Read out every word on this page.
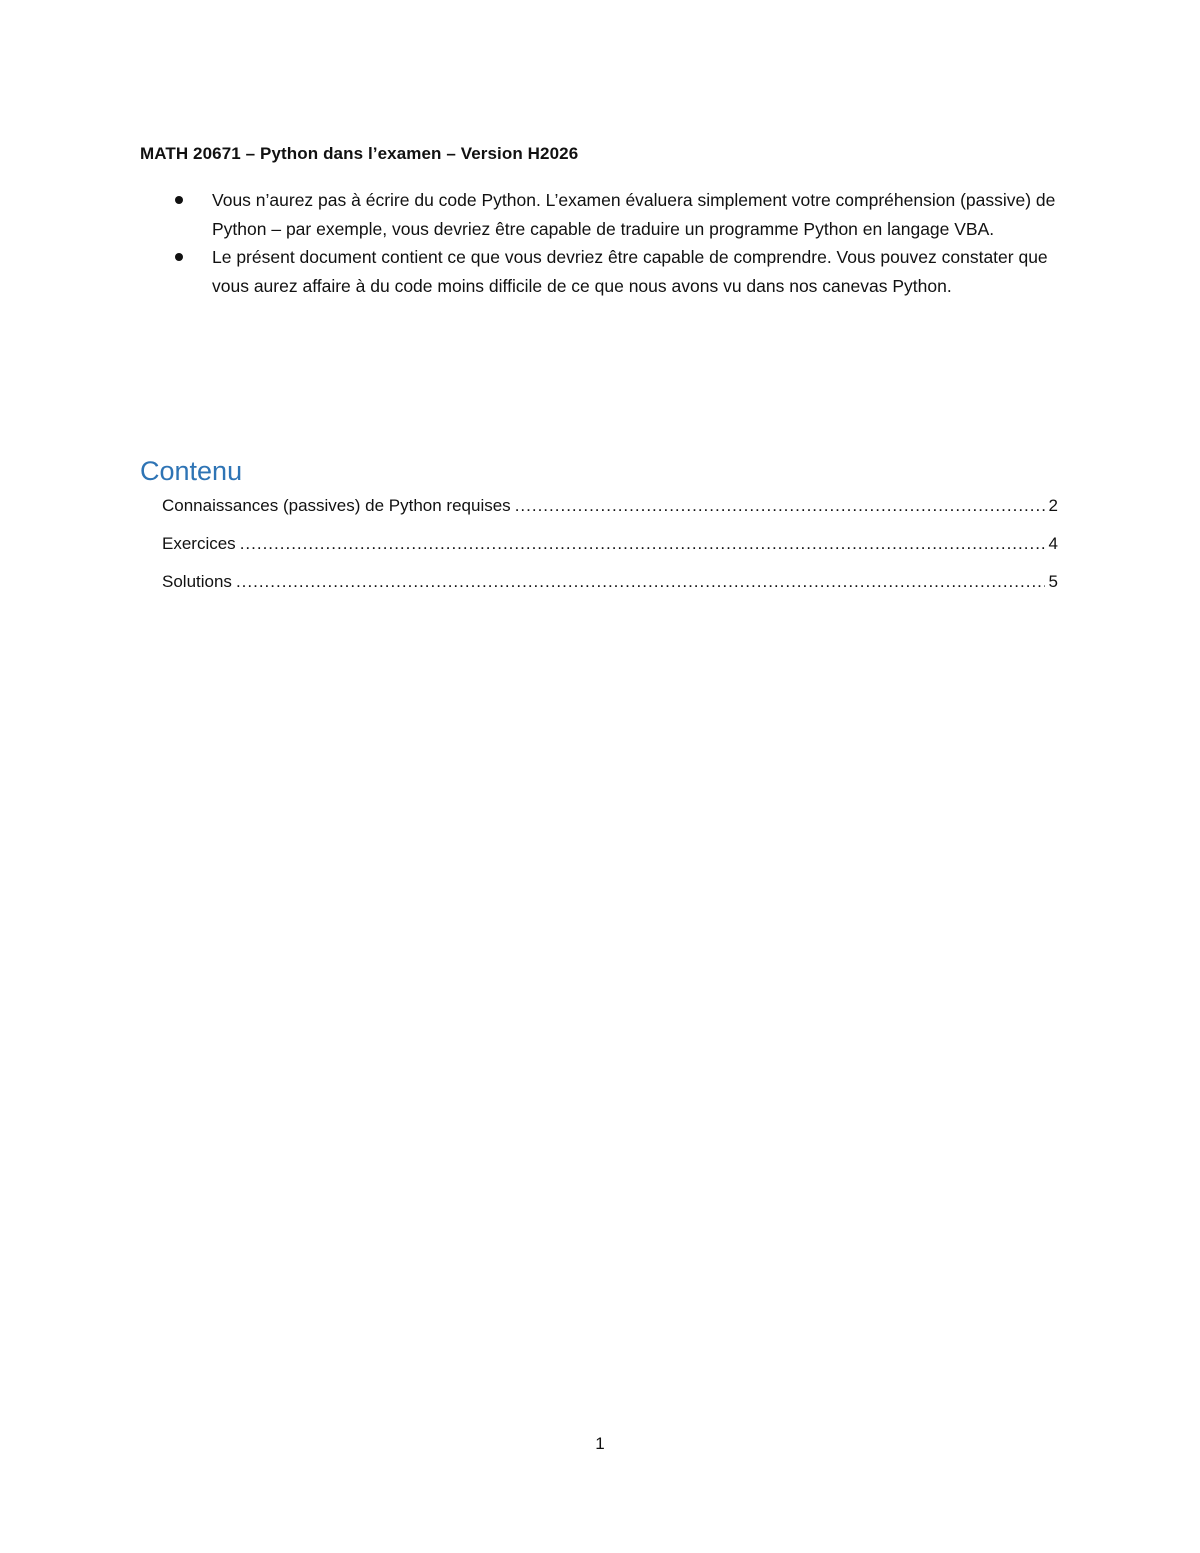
MATH 20671 – Python dans l’examen – Version H2026
Vous n’aurez pas à écrire du code Python. L’examen évaluera simplement votre compréhension (passive) de Python – par exemple, vous devriez être capable de traduire un programme Python en langage VBA.
Le présent document contient ce que vous devriez être capable de comprendre. Vous pouvez constater que vous aurez affaire à du code moins difficile de ce que nous avons vu dans nos canevas Python.
Contenu
Connaissances (passives) de Python requises .....	2
Exercices .....	4
Solutions .....	5
1
